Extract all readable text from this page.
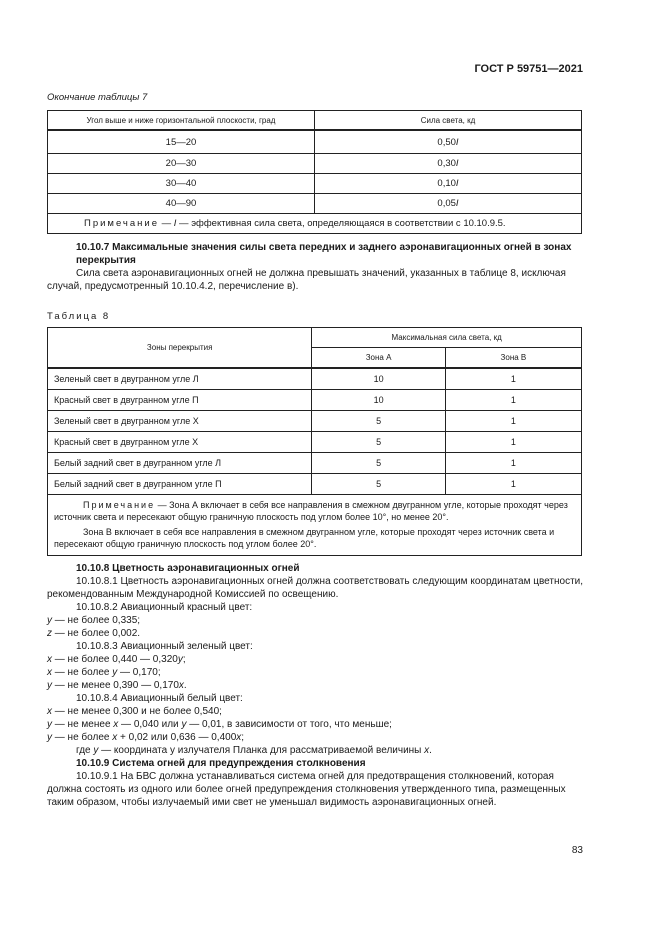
ГОСТ Р 59751—2021
Окончание таблицы 7
Угол выше и ниже горизонтальной плоскости, град	Сила света, кд
15—20	0,50I
20—30	0,30I
30—40	0,10I
40—90	0,05I
Примечание — I — эффективная сила света, определяющаяся в соответствии с 10.10.9.5.	
10.10.7 Максимальные значения силы света передних и заднего аэронавигационных огней в зонах перекрытия
Сила света аэронавигационных огней не должна превышать значений, указанных в таблице 8, исключая случай, предусмотренный 10.10.4.2, перечисление в).
Таблица 8
Зоны перекрытия	Максимальная сила света, кд	
	Зона А	Зона В
Зеленый свет в двугранном угле Л	10	1
Красный свет в двугранном угле П	10	1
Зеленый свет в двугранном угле Х	5	1
Красный свет в двугранном угле Х	5	1
Белый задний свет в двугранном угле Л	5	1
Белый задний свет в двугранном угле П	5	1

Примечание — Зона А включает в себя все направления в смежном двугранном угле, которые проходят через источник света и пересекают общую граничную плоскость под углом более 10°, но менее 20°.

Зона В включает в себя все направления в смежном двугранном угле, которые проходят через источник света и пересекают общую граничную плоскость под углом более 20°.		

10.10.8 Цветность аэронавигационных огней

10.10.8.1 Цветность аэронавигационных огней должна соответствовать следующим координатам цветности, рекомендованным Международной Комиссией по освещению.

10.10.8.2 Авиационный красный цвет:

y — не более 0,335;

z — не более 0,002.

10.10.8.3 Авиационный зеленый цвет:

x — не более 0,440 — 0,320y;

x — не более y — 0,170;

y — не менее 0,390 — 0,170x.

10.10.8.4 Авиационный белый цвет:

x — не менее 0,300 и не более 0,540;

y — не менее x — 0,040 или y — 0,01, в зависимости от того, что меньше;

y — не более x + 0,02 или 0,636 — 0,400x;

где y — координата у излучателя Планка для рассматриваемой величины x.

10.10.9 Система огней для предупреждения столкновения

10.10.9.1 На БВС должна устанавливаться система огней для предотвращения столкновений, которая должна состоять из одного или более огней предупреждения столкновения утвержденного типа, размещенных таким образом, чтобы излучаемый ими свет не уменьшал видимость аэронавигационных огней.

83
